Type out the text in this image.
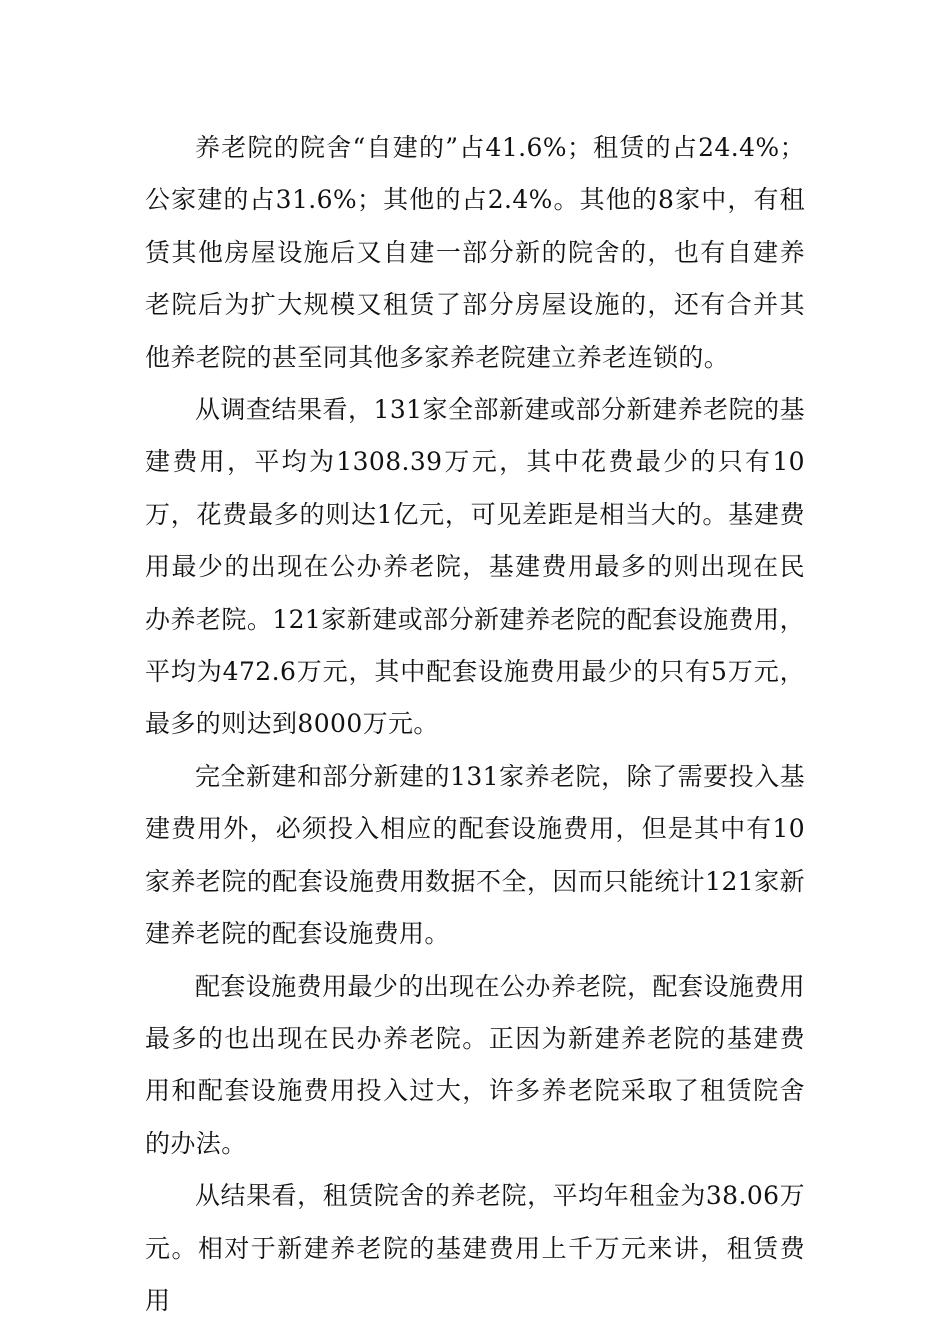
养老院的院舍“自建的”占41.6%；租赁的占24.4%；公家建的占31.6%；其他的占2.4%。其他的8家中，有租赁其他房屋设施后又自建一部分新的院舍的，也有自建养老院后为扩大规模又租赁了部分房屋设施的，还有合并其他养老院的甚至同其他多家养老院建立养老连锁的。

从调查结果看，131家全部新建或部分新建养老院的基建费用，平均为1308.39万元，其中花费最少的只有10万，花费最多的则达1亿元，可见差距是相当大的。基建费用最少的出现在公办养老院，基建费用最多的则出现在民办养老院。121家新建或部分新建养老院的配套设施费用，平均为472.6万元，其中配套设施费用最少的只有5万元，最多的则达到8000万元。

完全新建和部分新建的131家养老院，除了需要投入基建费用外，必须投入相应的配套设施费用，但是其中有10家养老院的配套设施费用数据不全，因而只能统计121家新建养老院的配套设施费用。

配套设施费用最少的出现在公办养老院，配套设施费用最多的也出现在民办养老院。正因为新建养老院的基建费用和配套设施费用投入过大，许多养老院采取了租赁院舍的办法。

从结果看，租赁院舍的养老院，平均年租金为38.06万元。相对于新建养老院的基建费用上千万元来讲，租赁费用
